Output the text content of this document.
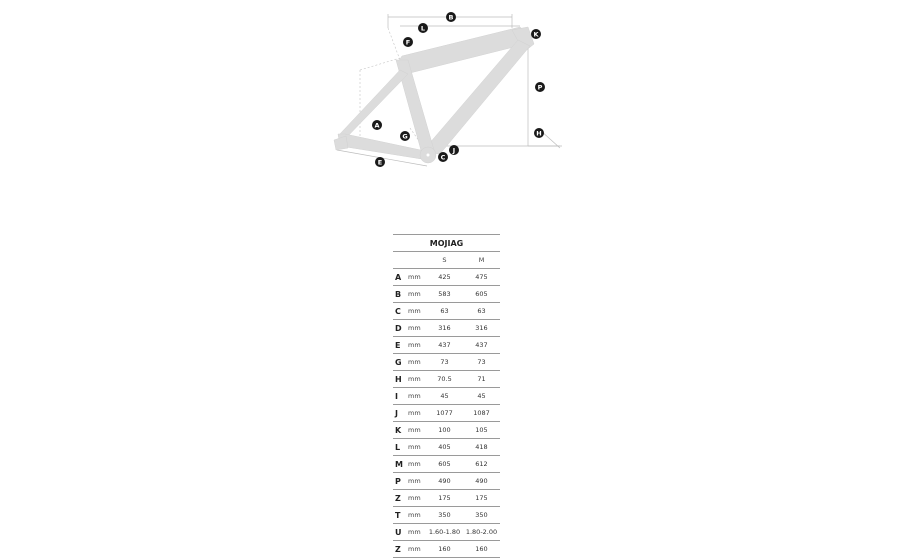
B
L
K
F
P
A
G	H
J
C
E
MOJIAG			
		S	M
A	mm	425	475
B	mm	583	605
C	mm	63	63
D	mm	316	316
E	mm	437	437
G	mm	73	73
H	mm	70.5	71
I	mm	45	45
J	mm	1077	1087
K	mm	100	105
L	mm	405	418
M	mm	605	612
P	mm	490	490
Z	mm	175	175
T	mm	350	350
U	mm	1.60-1.80	1.80-2.00
Z	mm	160	160
